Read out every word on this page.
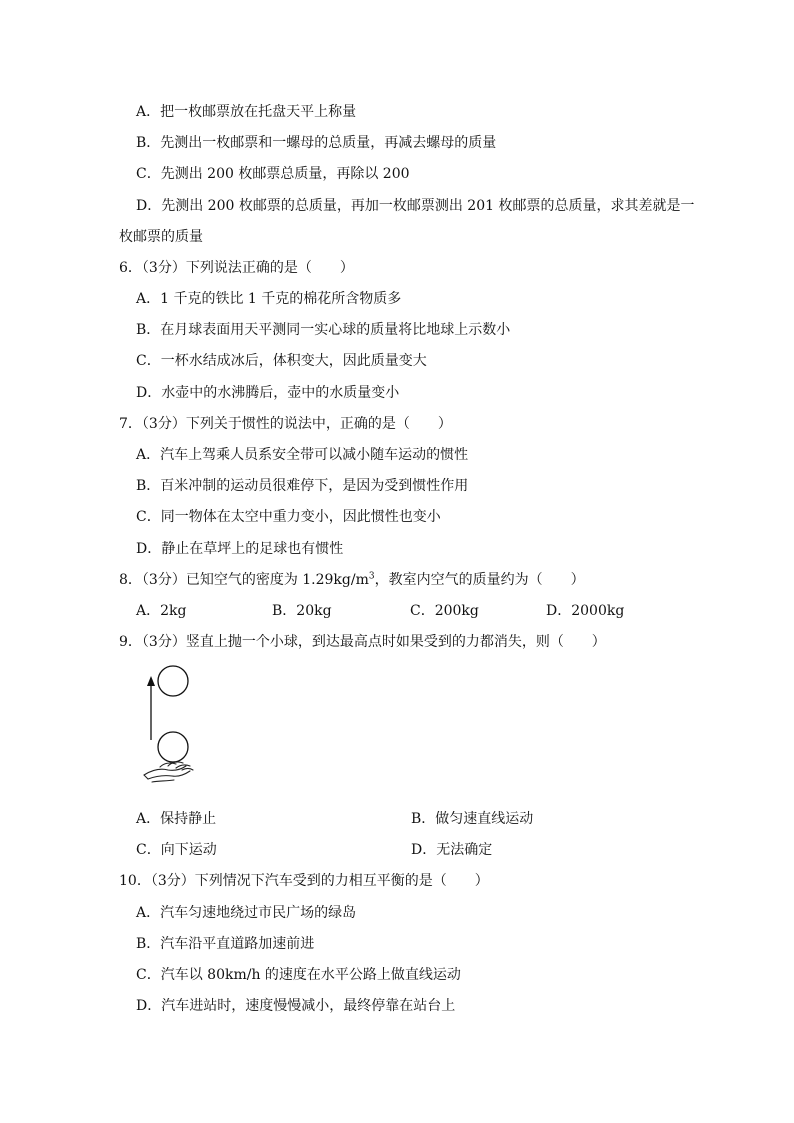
A．把一枚邮票放在托盘天平上称量
B．先测出一枚邮票和一螺母的总质量，再减去螺母的质量
C．先测出 200 枚邮票总质量，再除以 200
D．先测出 200 枚邮票的总质量，再加一枚邮票测出 201 枚邮票的总质量，求其差就是一
枚邮票的质量
6．（3分）下列说法正确的是（　　）
A．1 千克的铁比 1 千克的棉花所含物质多
B．在月球表面用天平测同一实心球的质量将比地球上示数小
C．一杯水结成冰后，体积变大，因此质量变大
D．水壶中的水沸腾后，壶中的水质量变小
7．（3分）下列关于惯性的说法中，正确的是（　　）
A．汽车上驾乘人员系安全带可以减小随车运动的惯性
B．百米冲制的运动员很难停下，是因为受到惯性作用
C．同一物体在太空中重力变小，因此惯性也变小
D．静止在草坪上的足球也有惯性
8．（3分）已知空气的密度为 $1.29kg/m^3$，教室内空气的质量约为（　　）
A．2kg	B．20kg	C．200kg	D．2000kg
9．（3分）竖直上抛一个小球，到达最高点时如果受到的力都消失，则（　　）
A．保持静止	B．做匀速直线运动
C．向下运动	D．无法确定
10．（3分）下列情况下汽车受到的力相互平衡的是（　　）
A．汽车匀速地绕过市民广场的绿岛
B．汽车沿平直道路加速前进
C．汽车以 80km/h 的速度在水平公路上做直线运动
D．汽车进站时，速度慢慢减小，最终停靠在站台上
